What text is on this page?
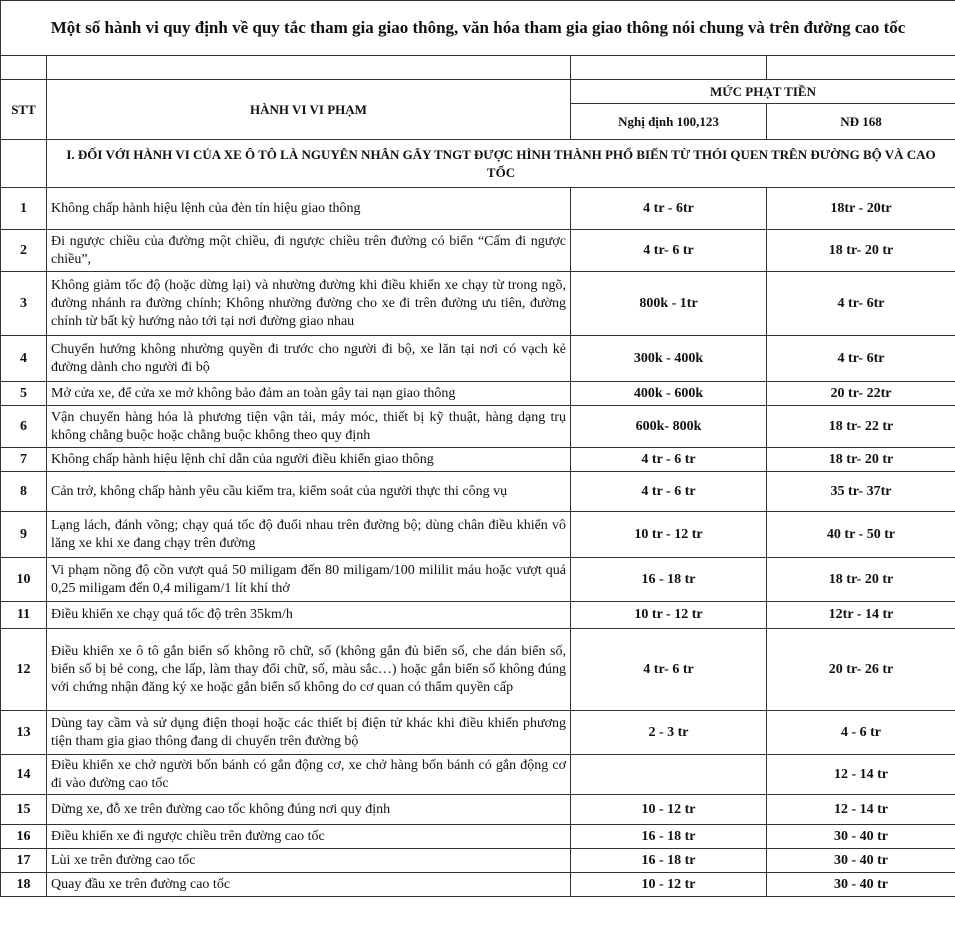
Một số hành vi quy định về quy tắc tham gia giao thông, văn hóa tham gia giao thông nói chung và trên đường cao tốc			

STT	HÀNH VI VI PHẠM	MỨC PHẠT TIỀN	
		Nghị định 100,123	NĐ 168
	I. ĐỐI VỚI HÀNH VI CỦA XE Ô TÔ LÀ NGUYÊN NHÂN GÂY TNGT ĐƯỢC HÌNH THÀNH PHỔ BIẾN TỪ THÓI QUEN TRÊN ĐƯỜNG BỘ VÀ CAO TỐC		
1	Không chấp hành hiệu lệnh của đèn tín hiệu giao thông	4 tr - 6tr	18tr - 20tr
2	Đi ngược chiều của đường một chiều, đi ngược chiều trên đường có biển “Cấm đi ngược chiều”,	4 tr- 6 tr	18 tr- 20 tr
3	Không giảm tốc độ (hoặc dừng lại) và nhường đường khi điều khiển xe chạy từ trong ngõ, đường nhánh ra đường chính; Không nhường đường cho xe đi trên đường ưu tiên, đường chính từ bất kỳ hướng nào tới tại nơi đường giao nhau	800k - 1tr	4 tr- 6tr
4	Chuyển hướng không nhường quyền đi trước cho người đi bộ, xe lăn tại nơi có vạch kẻ đường dành cho người đi bộ	300k - 400k	4 tr- 6tr
5	Mở cửa xe, để cửa xe mở không bảo đảm an toàn gây tai nạn giao thông	400k - 600k	20 tr- 22tr
6	Vận chuyển hàng hóa là phương tiện vận tải, máy móc, thiết bị kỹ thuật, hàng dạng trụ không chằng buộc hoặc chằng buộc không theo quy định	600k- 800k	18 tr- 22 tr
7	Không chấp hành hiệu lệnh chỉ dẫn của người điều khiển giao thông	4 tr - 6 tr	18 tr- 20 tr
8	Cản trở, không chấp hành yêu cầu kiểm tra, kiểm soát của người thực thi công vụ	4 tr - 6 tr	35 tr- 37tr
9	Lạng lách, đánh võng; chạy quá tốc độ đuổi nhau trên đường bộ; dùng chân điều khiển vô lăng xe khi xe đang chạy trên đường	10 tr - 12 tr	40 tr - 50 tr
10	Vi phạm nồng độ cồn vượt quá 50 miligam đến 80 miligam/100 mililit máu hoặc vượt quá 0,25 miligam đến 0,4 miligam/1 lít khí thở	16 - 18 tr	18 tr- 20 tr
11	Điều khiển xe chạy quá tốc độ trên 35km/h	10 tr - 12 tr	12tr - 14 tr
12	Điều khiển xe ô tô gắn biển số không rõ chữ, số (không gắn đủ biển số, che dán biển số, biển số bị bẻ cong, che lấp, làm thay đổi chữ, số, màu sắc…) hoặc gắn biển số không đúng với chứng nhận đăng ký xe hoặc gắn biển số không do cơ quan có thẩm quyền cấp	4 tr- 6 tr	20 tr- 26 tr
13	Dùng tay cầm và sử dụng điện thoại hoặc các thiết bị điện tử khác khi điều khiển phương tiện tham gia giao thông đang di chuyển trên đường bộ	2 - 3 tr	4 - 6 tr
14	Điều khiển xe chở người bốn bánh có gắn động cơ, xe chở hàng bốn bánh có gắn động cơ đi vào đường cao tốc		12 - 14 tr
15	Dừng xe, đỗ xe trên đường cao tốc không đúng nơi quy định	10 - 12 tr	12 - 14 tr
16	Điều khiển xe đi ngược chiều trên đường cao tốc	16 - 18 tr	30 - 40 tr
17	Lùi xe trên đường cao tốc	16 - 18 tr	30 - 40 tr
18	Quay đầu xe trên đường cao tốc	10 - 12 tr	30 - 40 tr
